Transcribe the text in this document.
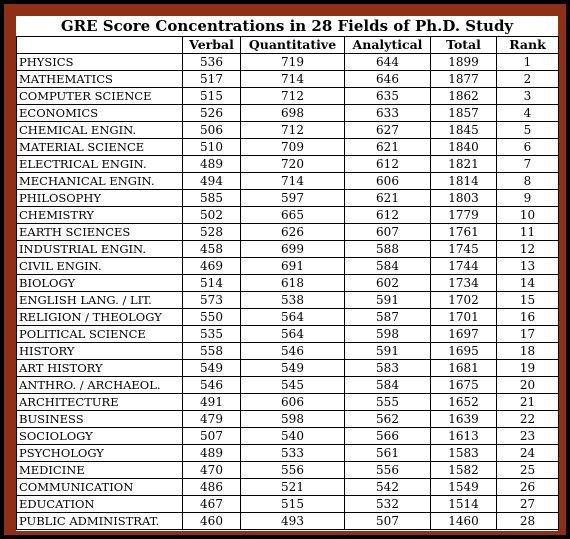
GRE Score Concentrations in 28 Fields of Ph.D. Study
	Verbal	Quantitative	Analytical	Total	Rank
PHYSICS	536	719	644	1899	1
MATHEMATICS	517	714	646	1877	2
COMPUTER SCIENCE	515	712	635	1862	3
ECONOMICS	526	698	633	1857	4
CHEMICAL ENGIN.	506	712	627	1845	5
MATERIAL SCIENCE	510	709	621	1840	6
ELECTRICAL ENGIN.	489	720	612	1821	7
MECHANICAL ENGIN.	494	714	606	1814	8
PHILOSOPHY	585	597	621	1803	9
CHEMISTRY	502	665	612	1779	10
EARTH SCIENCES	528	626	607	1761	11
INDUSTRIAL ENGIN.	458	699	588	1745	12
CIVIL ENGIN.	469	691	584	1744	13
BIOLOGY	514	618	602	1734	14
ENGLISH LANG. / LIT.	573	538	591	1702	15
RELIGION / THEOLOGY	550	564	587	1701	16
POLITICAL SCIENCE	535	564	598	1697	17
HISTORY	558	546	591	1695	18
ART HISTORY	549	549	583	1681	19
ANTHRO. / ARCHAEOL.	546	545	584	1675	20
ARCHITECTURE	491	606	555	1652	21
BUSINESS	479	598	562	1639	22
SOCIOLOGY	507	540	566	1613	23
PSYCHOLOGY	489	533	561	1583	24
MEDICINE	470	556	556	1582	25
COMMUNICATION	486	521	542	1549	26
EDUCATION	467	515	532	1514	27
PUBLIC ADMINISTRAT.	460	493	507	1460	28
